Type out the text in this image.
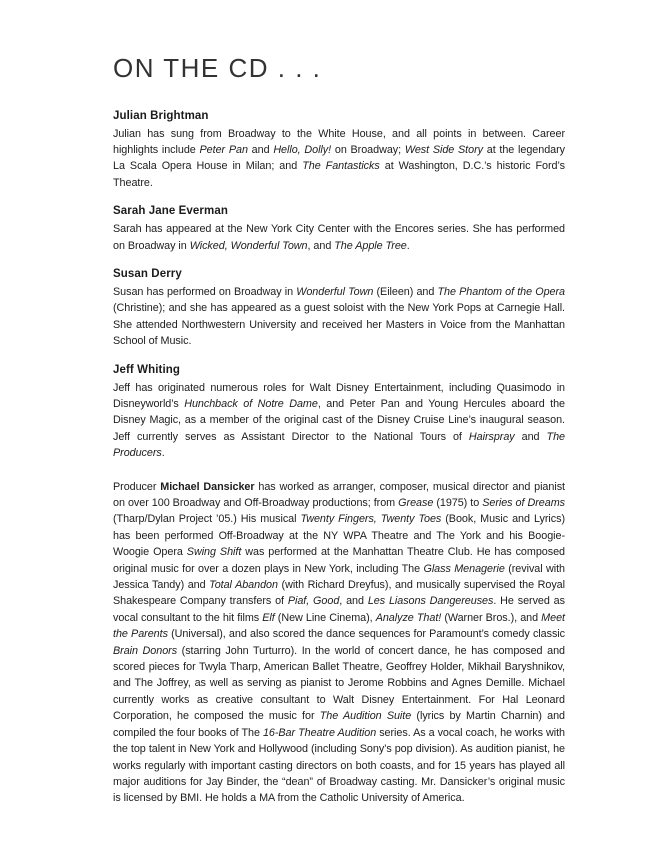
ON THE CD . . .
Julian Brightman

Julian has sung from Broadway to the White House, and all points in between. Career highlights include Peter Pan and Hello, Dolly! on Broadway; West Side Story at the legendary La Scala Opera House in Milan; and The Fantasticks at Washington, D.C.’s historic Ford’s Theatre.

Sarah Jane Everman

Sarah has appeared at the New York City Center with the Encores series. She has performed on Broadway in Wicked, Wonderful Town, and The Apple Tree.

Susan Derry

Susan has performed on Broadway in Wonderful Town (Eileen) and The Phantom of the Opera (Christine); and she has appeared as a guest soloist with the New York Pops at Carnegie Hall. She attended Northwestern University and received her Masters in Voice from the Manhattan School of Music.

Jeff Whiting

Jeff has originated numerous roles for Walt Disney Entertainment, including Quasimodo in Disneyworld’s Hunchback of Notre Dame, and Peter Pan and Young Hercules aboard the Disney Magic, as a member of the original cast of the Disney Cruise Line’s inaugural season. Jeff currently serves as Assistant Director to the National Tours of Hairspray and The Producers.

Producer Michael Dansicker has worked as arranger, composer, musical director and pianist on over 100 Broadway and Off-Broadway productions; from Grease (1975) to Series of Dreams (Tharp/Dylan Project ’05.) His musical Twenty Fingers, Twenty Toes (Book, Music and Lyrics) has been performed Off-Broadway at the NY WPA Theatre and The York and his Boogie-Woogie Opera Swing Shift was performed at the Manhattan Theatre Club. He has composed original music for over a dozen plays in New York, including The Glass Menagerie (revival with Jessica Tandy) and Total Abandon (with Richard Dreyfus), and musically supervised the Royal Shakespeare Company transfers of Piaf, Good, and Les Liasons Dangereuses. He served as vocal consultant to the hit films Elf (New Line Cinema), Analyze That! (Warner Bros.), and Meet the Parents (Universal), and also scored the dance sequences for Paramount’s comedy classic Brain Donors (starring John Turturro). In the world of concert dance, he has composed and scored pieces for Twyla Tharp, American Ballet Theatre, Geoffrey Holder, Mikhail Baryshnikov, and The Joffrey, as well as serving as pianist to Jerome Robbins and Agnes Demille. Michael currently works as creative consultant to Walt Disney Entertainment. For Hal Leonard Corporation, he composed the music for The Audition Suite (lyrics by Martin Charnin) and compiled the four books of The 16-Bar Theatre Audition series. As a vocal coach, he works with the top talent in New York and Hollywood (including Sony’s pop division). As audition pianist, he works regularly with important casting directors on both coasts, and for 15 years has played all major auditions for Jay Binder, the “dean” of Broadway casting. Mr. Dansicker’s original music is licensed by BMI. He holds a MA from the Catholic University of America.
